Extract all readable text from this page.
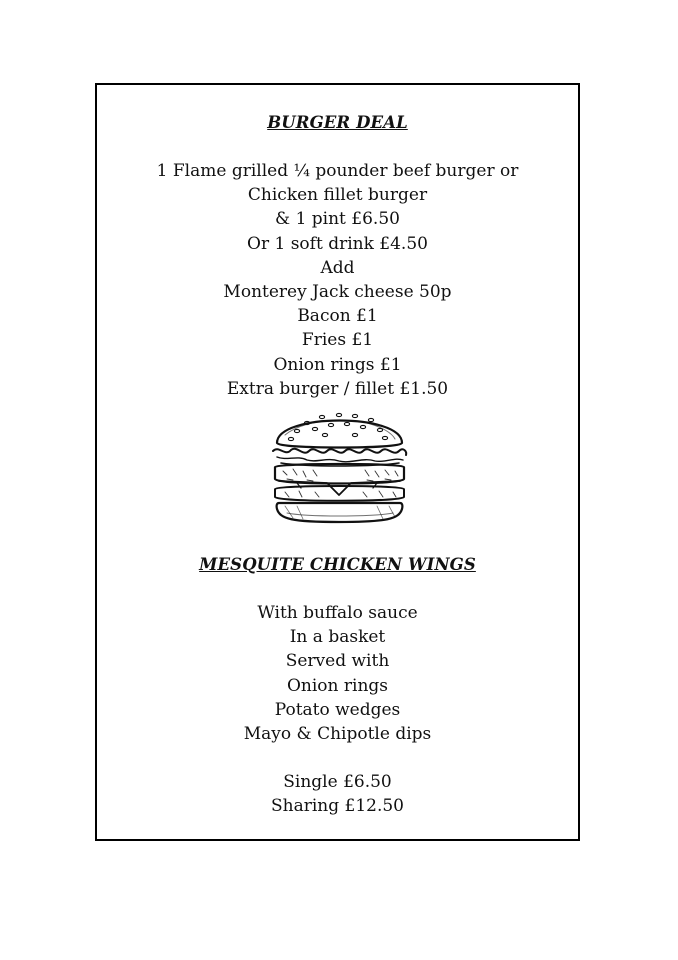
BURGER DEAL
1 Flame grilled ¼ pounder beef burger or
Chicken fillet burger
& 1 pint £6.50
Or 1 soft drink £4.50
Add
Monterey Jack cheese 50p
Bacon £1
Fries £1
Onion rings £1
Extra burger / fillet £1.50
MESQUITE CHICKEN WINGS
With buffalo sauce
In a basket
Served with
Onion rings
Potato wedges
Mayo & Chipotle dips
Single £6.50
Sharing £12.50
